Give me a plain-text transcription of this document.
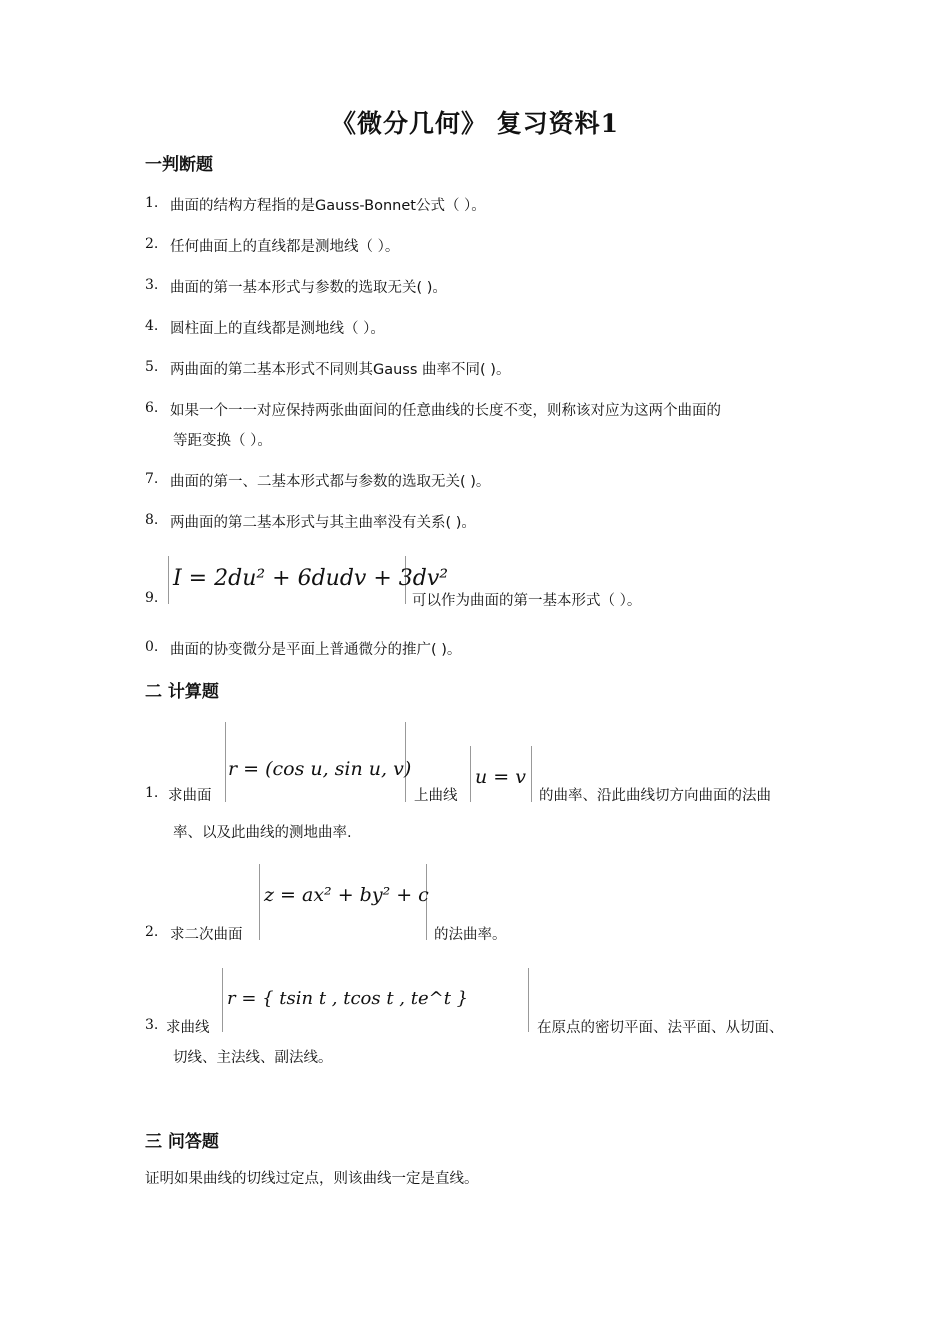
《微分几何》 复习资料1
一判断题
1. 曲面的结构方程指的是Gauss-Bonnet公式（ ）。
2. 任何曲面上的直线都是测地线（ ）。
3. 曲面的第一基本形式与参数的选取无关( )。
4. 圆柱面上的直线都是测地线（ ）。
5. 两曲面的第二基本形式不同则其Gauss 曲率不同( )。
6. 如果一个一一对应保持两张曲面间的任意曲线的长度不变，则称该对应为这两个曲面的
等距变换（ ）。
7. 曲面的第一、二基本形式都与参数的选取无关( )。
8. 两曲面的第二基本形式与其主曲率没有关系( )。
9.
I = 2du² + 6dudv + 3dv²
可以作为曲面的第一基本形式（ ）。
0. 曲面的协变微分是平面上普通微分的推广( )。
二 计算题
1. 求曲面
r = (cos u, sin u, v)
上曲线
u = v
的曲率、沿此曲线切方向曲面的法曲
率、以及此曲线的测地曲率.
2. 求二次曲面
z = ax² + by² + c
的法曲率。
3. 求曲线
r = { tsin t , tcos t , te^t }
在原点的密切平面、法平面、从切面、
切线、主法线、副法线。
三 问答题
证明如果曲线的切线过定点，则该曲线一定是直线。
